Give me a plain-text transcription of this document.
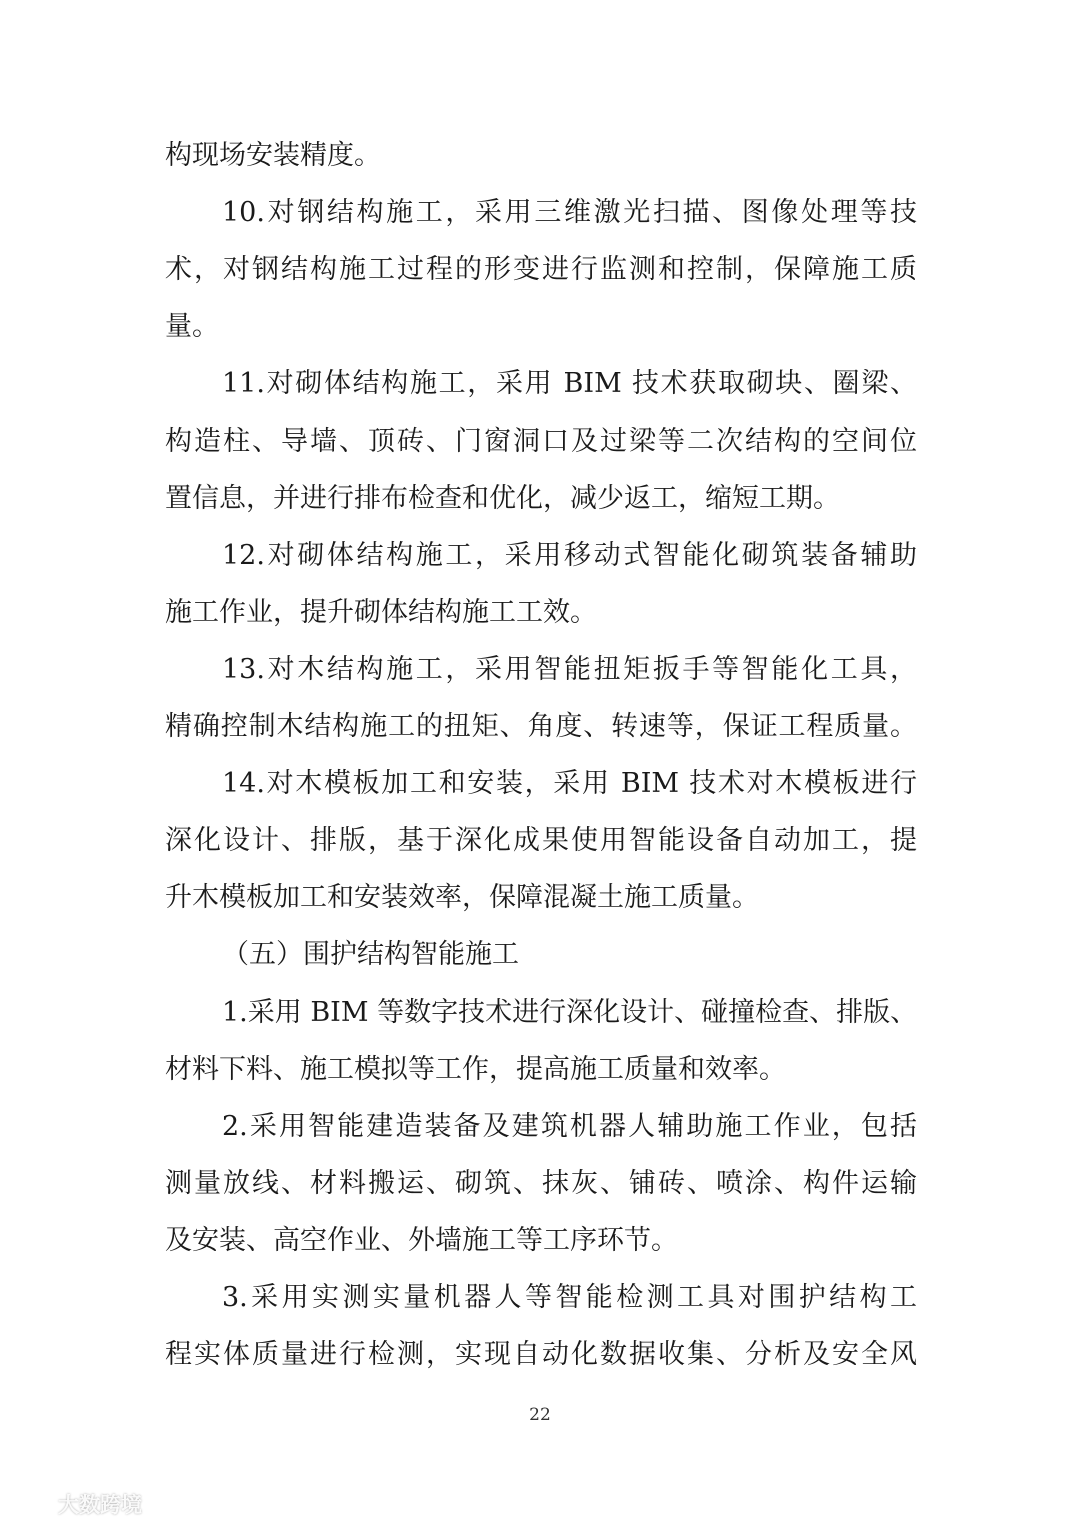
构现场安装精度。
10.对钢结构施工，采用三维激光扫描、图像处理等技
术，对钢结构施工过程的形变进行监测和控制，保障施工质
量。
11.对砌体结构施工，采用 BIM 技术获取砌块、圈梁、
构造柱、导墙、顶砖、门窗洞口及过梁等二次结构的空间位
置信息，并进行排布检查和优化，减少返工，缩短工期。
12.对砌体结构施工，采用移动式智能化砌筑装备辅助
施工作业，提升砌体结构施工工效。
13.对木结构施工，采用智能扭矩扳手等智能化工具，
精确控制木结构施工的扭矩、角度、转速等，保证工程质量。
14.对木模板加工和安装，采用 BIM 技术对木模板进行
深化设计、排版，基于深化成果使用智能设备自动加工，提
升木模板加工和安装效率，保障混凝土施工质量。
（五）围护结构智能施工
1.采用 BIM 等数字技术进行深化设计、碰撞检查、排版、
材料下料、施工模拟等工作，提高施工质量和效率。
2.采用智能建造装备及建筑机器人辅助施工作业，包括
测量放线、材料搬运、砌筑、抹灰、铺砖、喷涂、构件运输
及安装、高空作业、外墙施工等工序环节。
3.采用实测实量机器人等智能检测工具对围护结构工
程实体质量进行检测，实现自动化数据收集、分析及安全风
22
大数跨境
